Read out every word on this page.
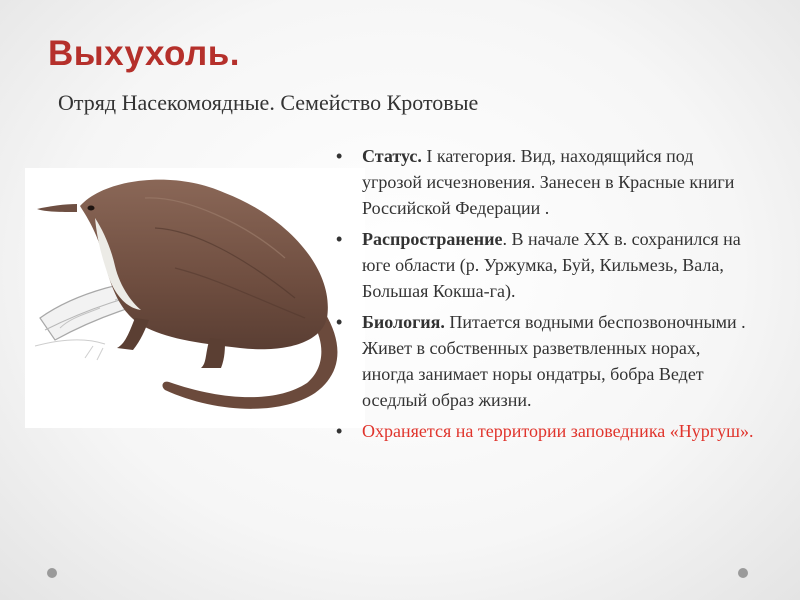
Выхухоль.
Отряд Насекомоядные. Семейство Кротовые
• Статус. I категория. Вид, находящийся под угрозой исчезновения. Занесен в Красные книги Российской Федерации .
• Распространение. В начале ХХ в. сохранился на юге области (р. Уржумка, Буй, Кильмезь, Вала, Большая Кокша-га).
• Биология. Питается водными беспозвоночными . Живет в собственных разветвленных норах, иногда занимает норы ондатры, бобра Ведет оседлый образ жизни.
• Охраняется на территории заповедника «Нургуш».
